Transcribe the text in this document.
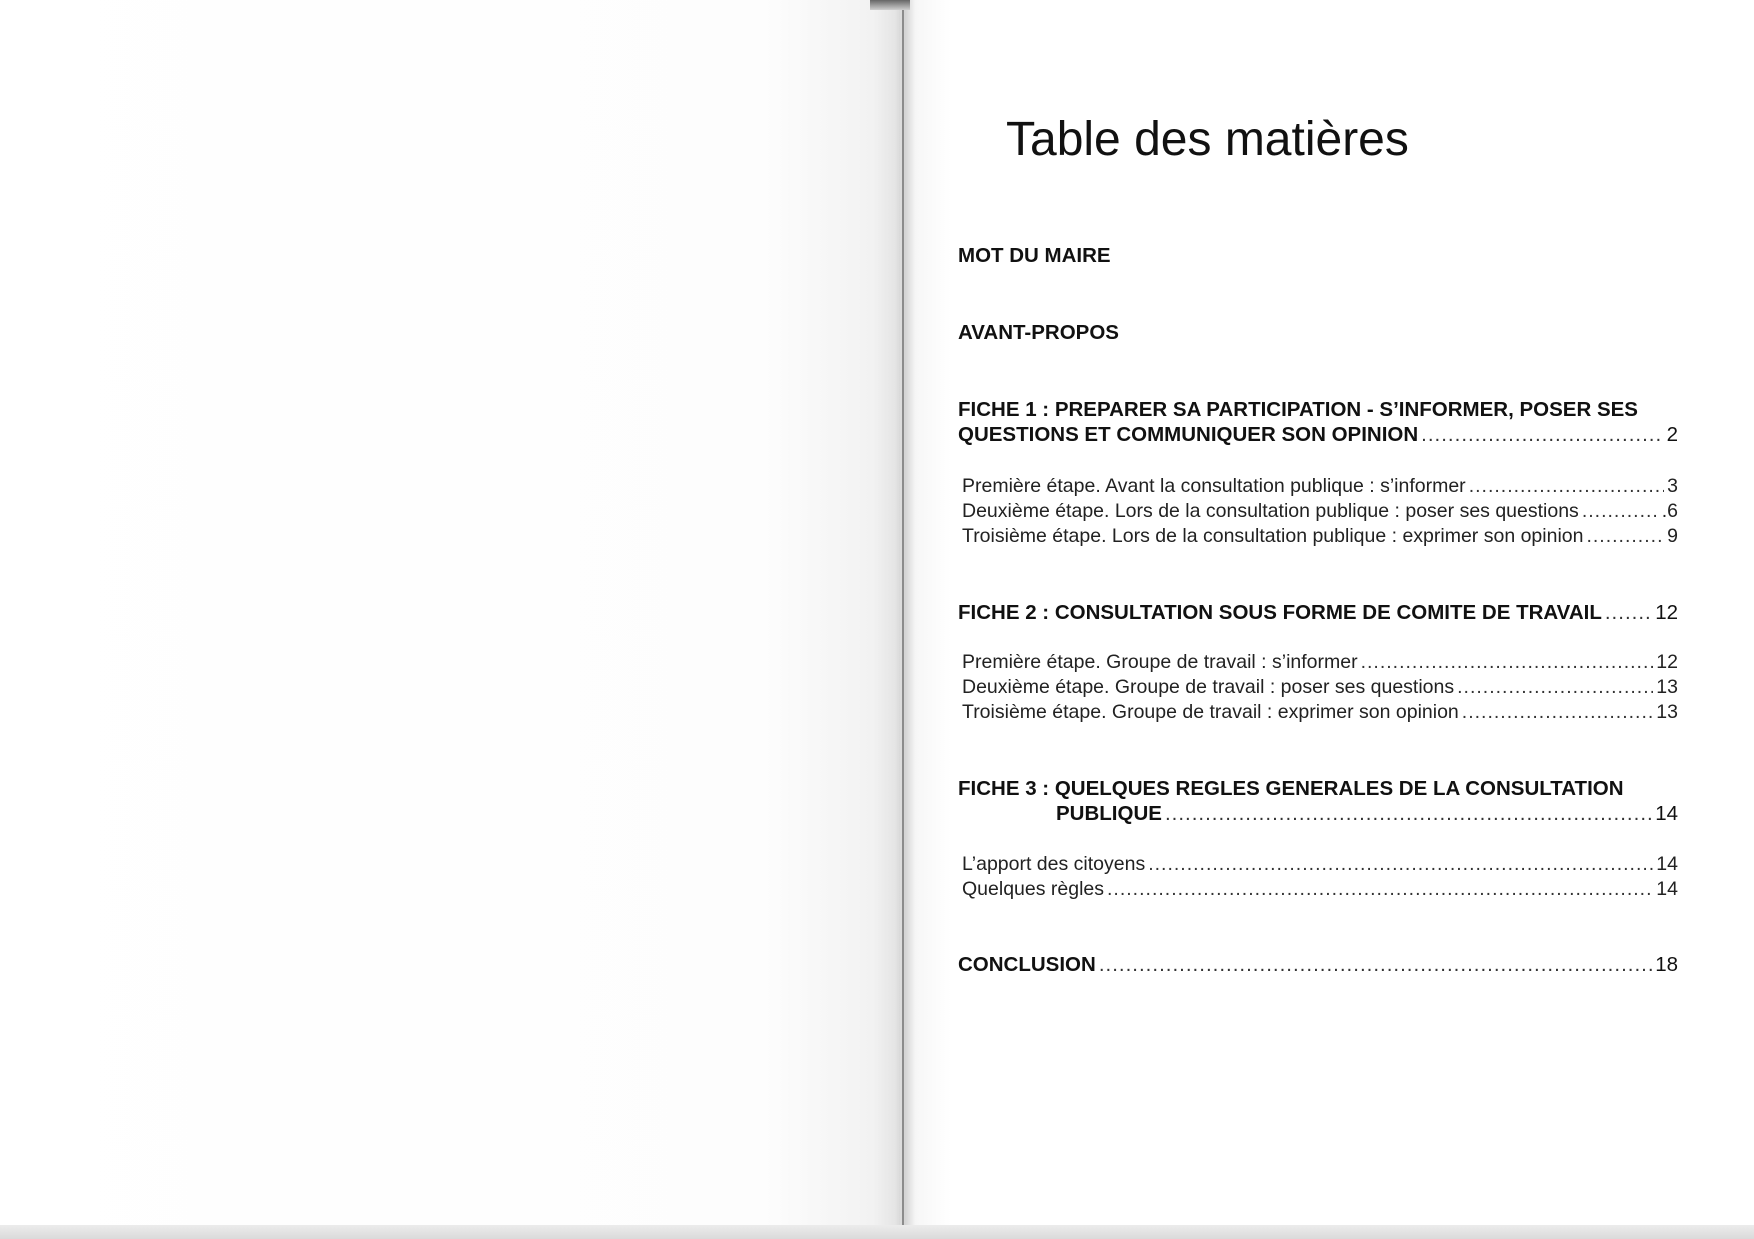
Table des matières
MOT DU MAIRE
AVANT-PROPOS
FICHE 1 : PREPARER SA PARTICIPATION - S’INFORMER, POSER SES
QUESTIONS ET COMMUNIQUER SON OPINION .....	2
Première étape. Avant la consultation publique : s’informer .....	3
Deuxième étape. Lors de la consultation publique : poser ses questions .....	.6
Troisième étape. Lors de la consultation publique : exprimer son opinion .....	9
FICHE 2 : CONSULTATION SOUS FORME DE COMITE DE TRAVAIL .....	12
Première étape. Groupe de travail : s’informer .....	12
Deuxième étape. Groupe de travail : poser ses questions .....	13
Troisième étape. Groupe de travail : exprimer son opinion .....	13
FICHE 3 : QUELQUES REGLES GENERALES DE LA CONSULTATION
PUBLIQUE .....	14
L’apport des citoyens .....	14
Quelques règles .....	14
CONCLUSION .....	18
